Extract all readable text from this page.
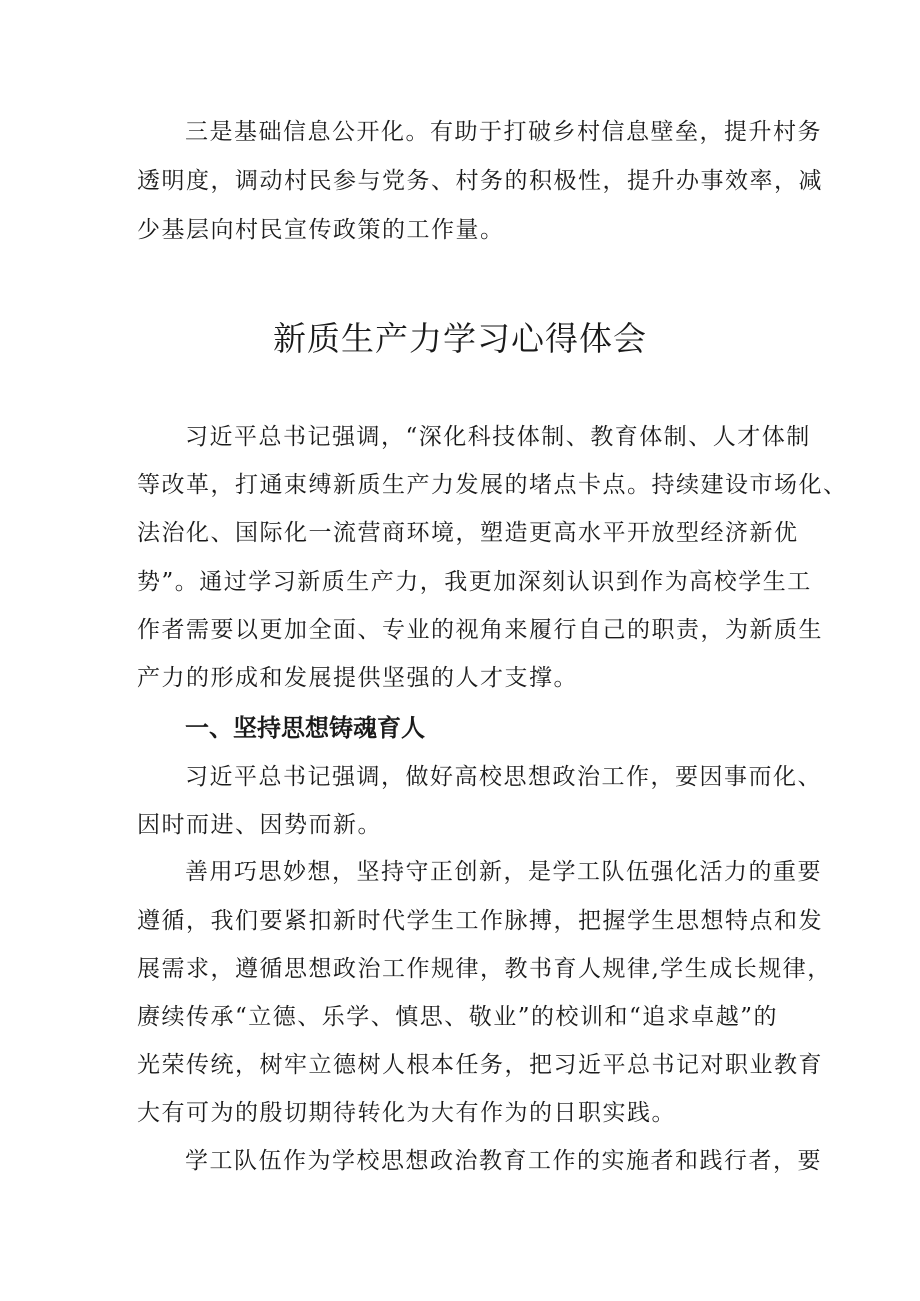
三是基础信息公开化。有助于打破乡村信息壁垒，提升村务
透明度，调动村民参与党务、村务的积极性，提升办事效率，减
少基层向村民宣传政策的工作量。
新质生产力学习心得体会
习近平总书记强调，“深化科技体制、教育体制、人才体制
等改革，打通束缚新质生产力发展的堵点卡点。持续建设市场化、
法治化、国际化一流营商环境，塑造更高水平开放型经济新优
势”。通过学习新质生产力，我更加深刻认识到作为高校学生工
作者需要以更加全面、专业的视角来履行自己的职责，为新质生
产力的形成和发展提供坚强的人才支撑。
一、坚持思想铸魂育人
习近平总书记强调，做好高校思想政治工作，要因事而化、
因时而进、因势而新。
善用巧思妙想，坚持守正创新，是学工队伍强化活力的重要
遵循，我们要紧扣新时代学生工作脉搏，把握学生思想特点和发
展需求，遵循思想政治工作规律，教书育人规律,学生成长规律，
赓续传承“立德、乐学、慎思、敬业”的校训和“追求卓越”的
光荣传统，树牢立德树人根本任务，把习近平总书记对职业教育
大有可为的殷切期待转化为大有作为的日职实践。
学工队伍作为学校思想政治教育工作的实施者和践行者，要
